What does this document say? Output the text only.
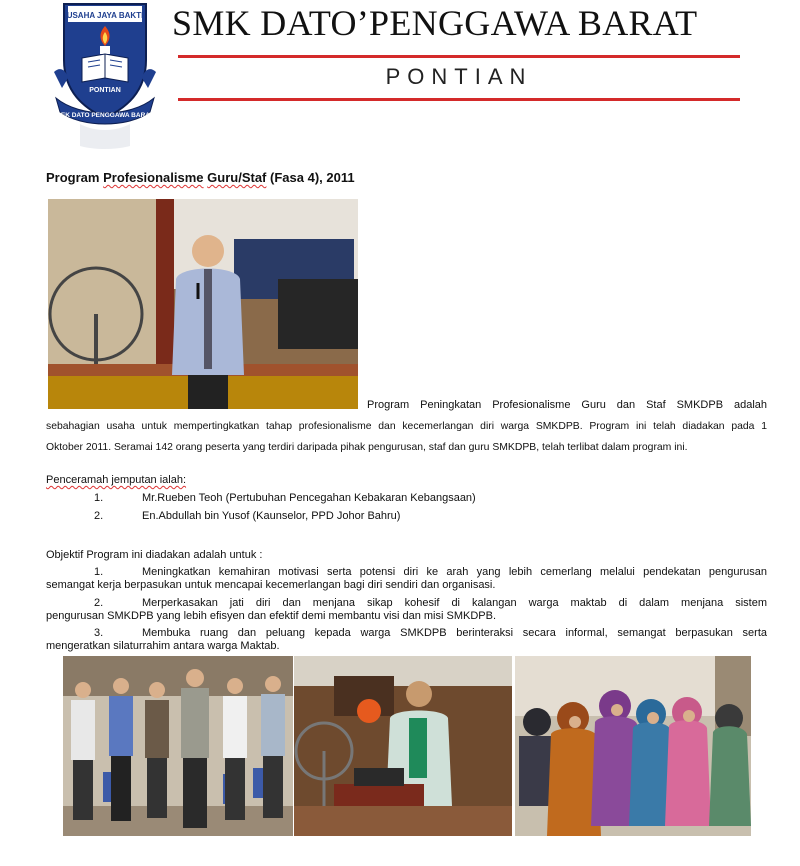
USAHA JAYA BAKTI
PONTIAN
SEK DATO PENGGAWA BARAT
SMK DATO’PENGGAWA BARAT
PONTIAN
Program Profesionalisme Guru/Staf (Fasa 4), 2011
Program Peningkatan Profesionalisme Guru dan Staf SMKDPB adalah
sebahagian usaha untuk mempertingkatkan tahap profesionalisme dan kecemerlangan diri warga SMKDPB. Program ini telah diadakan pada 1
Oktober 2011. Seramai 142 orang peserta yang terdiri daripada pihak pengurusan, staf dan guru SMKDPB, telah terlibat dalam program ini.
Penceramah jemputan ialah:
1.	Mr.Rueben Teoh (Pertubuhan Pencegahan Kebakaran Kebangsaan)
2.	En.Abdullah bin Yusof (Kaunselor, PPD Johor Bahru)
Objektif Program ini diadakan adalah untuk :
1.	Meningkatkan kemahiran motivasi serta potensi diri ke arah yang lebih cemerlang melalui pendekatan pengurusan
semangat kerja berpasukan untuk mencapai kecemerlangan bagi diri sendiri dan organisasi.
2.	Merperkasakan jati diri dan menjana sikap kohesif di kalangan warga maktab di dalam menjana sistem
pengurusan SMKDPB yang lebih efisyen dan efektif demi membantu visi dan misi SMKDPB.
3.	Membuka ruang dan peluang kepada warga SMKDPB berinteraksi secara informal, semangat berpasukan serta
mengeratkan silaturrahim antara warga Maktab.
